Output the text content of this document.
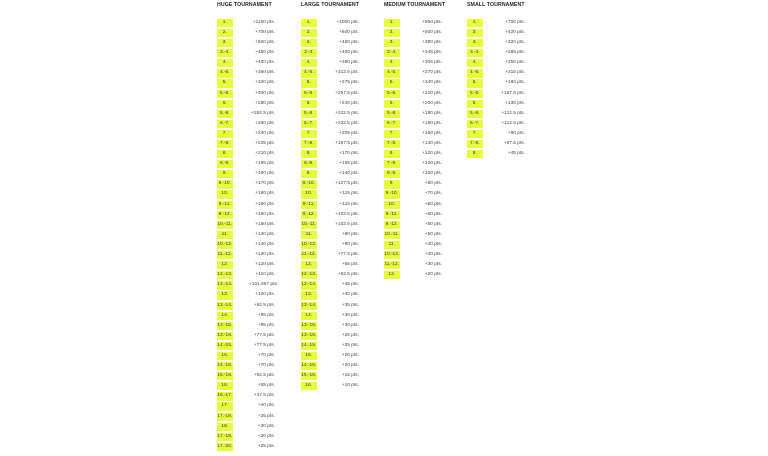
HUGE TOURNAMENT
1.	+1150 pts.
2.	+700 pts.
3.	+500 pts.
3.-4.	+450 pts.
4.	+400 pts.
4.-5.	+360 pts.
5.	+320 pts.
5.-6.	+300 pts.
6.	+280 pts.
5.-8.	+262.5 pts.
6.-7.	+260 pts.
7.	+240 pts.
7.-8.	+225 pts.
8.	+210 pts.
8.-9.	+195 pts.
9.	+180 pts.
9.-10.	+170 pts.
10.	+160 pts.
9.-11.	+160 pts.
9.-12.	+150 pts.
10.-11.	+150 pts.
11.	+140 pts.
10.-12.	+140 pts.
11.-12.	+130 pts.
12.	+120 pts.
12.-13.	+110 pts.
12.-14.	+101.667 pts.
13.	+100 pts.
13.-14.	+92.5 pts.
14.	+85 pts.
13.-15.	+85 pts.
13.-16.	+77.5 pts.
14.-15.	+77.5 pts.
15.	+70 pts.
14.-16.	+70 pts.
15.-16.	+62.5 pts.
16.	+55 pts.
16.-17.	+47.5 pts.
17.	+40 pts.
17.-18.	+35 pts.
18.	+30 pts.
17.-19.	+30 pts.
17.-20.	+25 pts.
LARGE TOURNAMENT
1.	+1000 pts.
2.	+600 pts.
3.	+450 pts.
3.-4.	+400 pts.
4.	+350 pts.
4.-5.	+312.5 pts.
5.	+275 pts.
5.-6.	+257.5 pts.
6.	+240 pts.
5.-8.	+222.5 pts.
6.-7.	+222.5 pts.
7.	+205 pts.
7.-8.	+187.5 pts.
8.	+170 pts.
8.-9.	+155 pts.
9.	+140 pts.
9.-10.	+127.5 pts.
10.	+115 pts.
9.-11.	+115 pts.
9.-12.	+102.5 pts.
10.-11.	+102.5 pts.
11.	+90 pts.
10.-12.	+90 pts.
11.-12.	+77.5 pts.
12.	+65 pts.
12.-13.	+52.5 pts.
12.-14.	+45 pts.
13.	+40 pts.
13.-14.	+35 pts.
14.	+30 pts.
13.-15.	+30 pts.
13.-16.	+25 pts.
14.-15.	+25 pts.
15.	+20 pts.
14.-16.	+20 pts.
15.-16.	+15 pts.
16.	+10 pts.
MEDIUM TOURNAMENT
1.	+850 pts.
2.	+500 pts.
3.	+380 pts.
3.-4.	+345 pts.
4.	+305 pts.
4.-5.	+270 pts.
5.	+240 pts.
5.-6.	+220 pts.
6.	+200 pts.
5.-8.	+180 pts.
6.-7.	+180 pts.
7.	+160 pts.
7.-8.	+140 pts.
8.	+120 pts.
7.-9.	+120 pts.
8.-9.	+100 pts.
9.	+80 pts.
9.-10.	+70 pts.
10.	+60 pts.
9.-11.	+60 pts.
9.-12.	+50 pts.
10.-11.	+50 pts.
11.	+40 pts.
10.-12.	+40 pts.
11.-12.	+30 pts.
12.	+20 pts.
SMALL TOURNAMENT
1.	+700 pts.
2.	+420 pts.
3.	+320 pts.
3.-4.	+285 pts.
4.	+250 pts.
4.-5.	+215 pts.
5.	+180 pts.
5.-6.	+157.5 pts.
6.	+135 pts.
5.-8.	+112.5 pts.
6.-7.	+112.5 pts.
7.	+90 pts.
7.-8.	+67.5 pts.
8.	+45 pts.
